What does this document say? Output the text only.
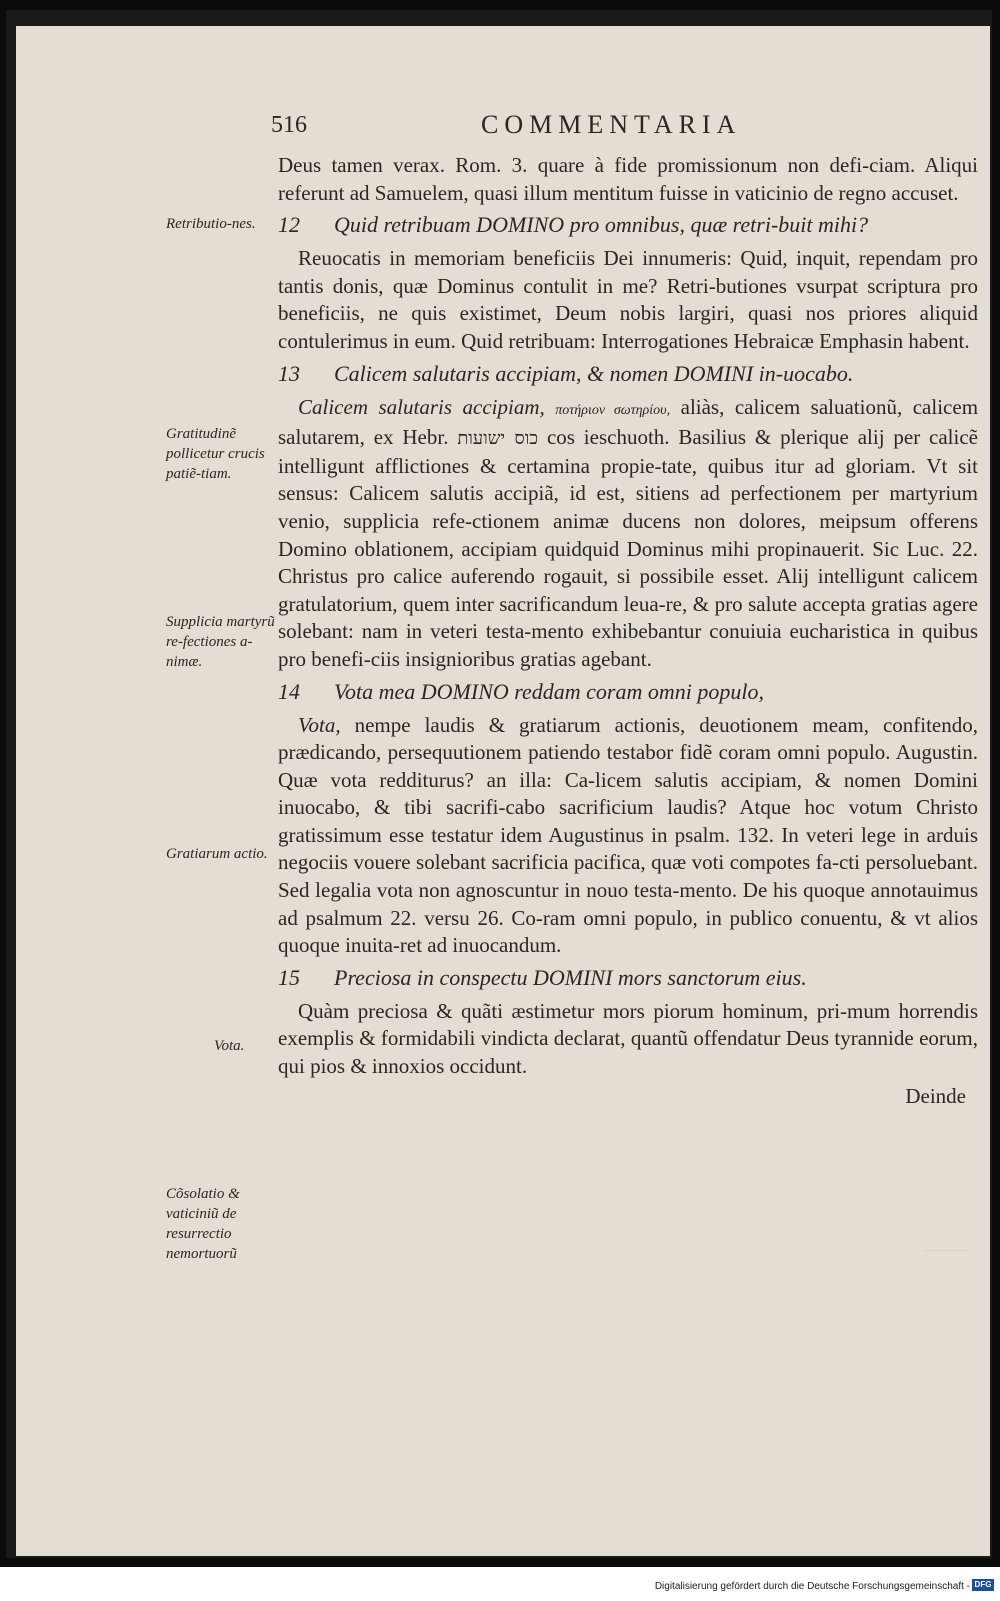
516	COMMENTARIA
Retributio-nes.
Gratitudinẽ pollicetur crucis patiẽ-tiam.
Supplicia martyrũ re-fectiones a-nimæ.
Gratiarum actio.
Vota.
Cõsolatio & vaticiniũ de resurrectio nemortuorũ

Deus tamen verax. Rom. 3. quare à fide promissionum non defi-ciam. Aliqui referunt ad Samuelem, quasi illum mentitum fuisse in vaticinio de regno accuset.

12 Quid retribuam DOMINO pro omnibus, quæ retri-buit mihi?

Reuocatis in memoriam beneficiis Dei innumeris: Quid, inquit, rependam pro tantis donis, quæ Dominus contulit in me? Retri-butiones vsurpat scriptura pro beneficiis, ne quis existimet, Deum nobis largiri, quasi nos priores aliquid contulerimus in eum. Quid retribuam: Interrogationes Hebraicæ Emphasin habent.

13 Calicem salutaris accipiam, & nomen DOMINI in-uocabo.

Calicem salutaris accipiam, ποτήριον σωτηρίου, aliàs, calicem saluationũ, calicem salutarem, ex Hebr. כוס ישועות cos ieschuoth. Basilius & plerique alij per calicẽ intelligunt afflictiones & certamina propie-tate, quibus itur ad gloriam. Vt sit sensus: Calicem salutis accipiã, id est, sitiens ad perfectionem per martyrium venio, supplicia refe-ctionem animæ ducens non dolores, meipsum offerens Domino oblationem, accipiam quidquid Dominus mihi propinauerit. Sic Luc. 22. Christus pro calice auferendo rogauit, si possibile esset. Alij intelligunt calicem gratulatorium, quem inter sacrificandum leua-re, & pro salute accepta gratias agere solebant: nam in veteri testa-mento exhibebantur conuiuia eucharistica in quibus pro benefi-ciis insignioribus gratias agebant.

14 Vota mea DOMINO reddam coram omni populo,

Vota, nempe laudis & gratiarum actionis, deuotionem meam, confitendo, prædicando, persequutionem patiendo testabor fidẽ coram omni populo. Augustin. Quæ vota redditurus? an illa: Ca-licem salutis accipiam, & nomen Domini inuocabo, & tibi sacrifi-cabo sacrificium laudis? Atque hoc votum Christo gratissimum esse testatur idem Augustinus in psalm. 132. In veteri lege in arduis negociis vouere solebant sacrificia pacifica, quæ voti compotes fa-cti persoluebant. Sed legalia vota non agnoscuntur in nouo testa-mento. De his quoque annotauimus ad psalmum 22. versu 26. Co-ram omni populo, in publico conuentu, & vt alios quoque inuita-ret ad inuocandum.

15 Preciosa in conspectu DOMINI mors sanctorum eius.

Quàm preciosa & quãti æstimetur mors piorum hominum, pri-mum horrendis exemplis & formidabili vindicta declarat, quantũ offendatur Deus tyrannide eorum, qui pios & innoxios occidunt.

Deinde

Digitalisierung gefördert durch die Deutsche Forschungsgemeinschaft - DFG
